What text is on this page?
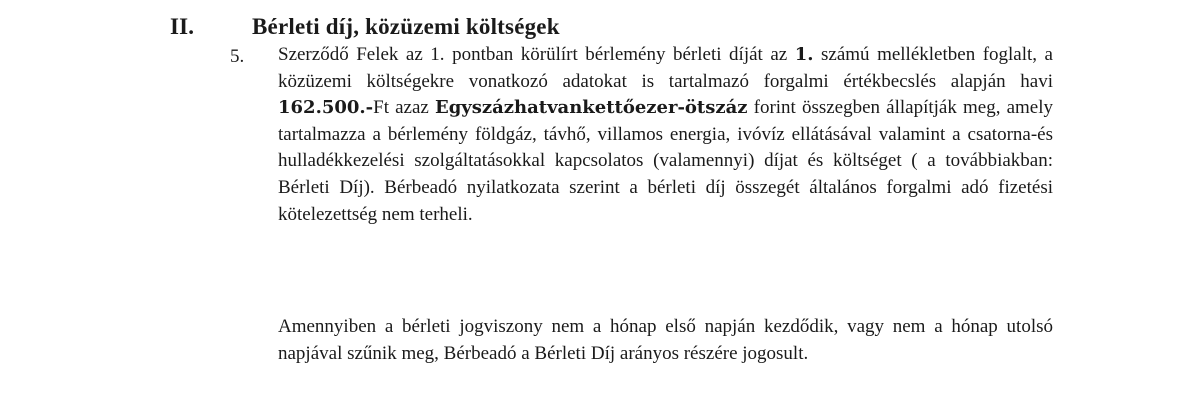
II.	Bérleti díj, közüzemi költségek
5. Szerződő Felek az 1. pontban körülírt bérlemény bérleti díját az 1. számú mellékletben foglalt, a közüzemi költségekre vonatkozó adatokat is tartalmazó forgalmi értékbecslés alapján havi 162.500.-Ft azaz Egyszázhatvankettőezer-ötszáz forint összegben állapítják meg, amely tartalmazza a bérlemény földgáz, távhő, villamos energia, ivóvíz ellátásával valamint a csatorna-és hulladékkezelési szolgáltatásokkal kapcsolatos (valamennyi) díjat és költséget ( a továbbiakban: Bérleti Díj). Bérbeadó nyilatkozata szerint a bérleti díj összegét általános forgalmi adó fizetési kötelezettség nem terheli.
Amennyiben a bérleti jogviszony nem a hónap első napján kezdődik, vagy nem a hónap utolsó napjával szűnik meg, Bérbeadó a Bérleti Díj arányos részére jogosult.
